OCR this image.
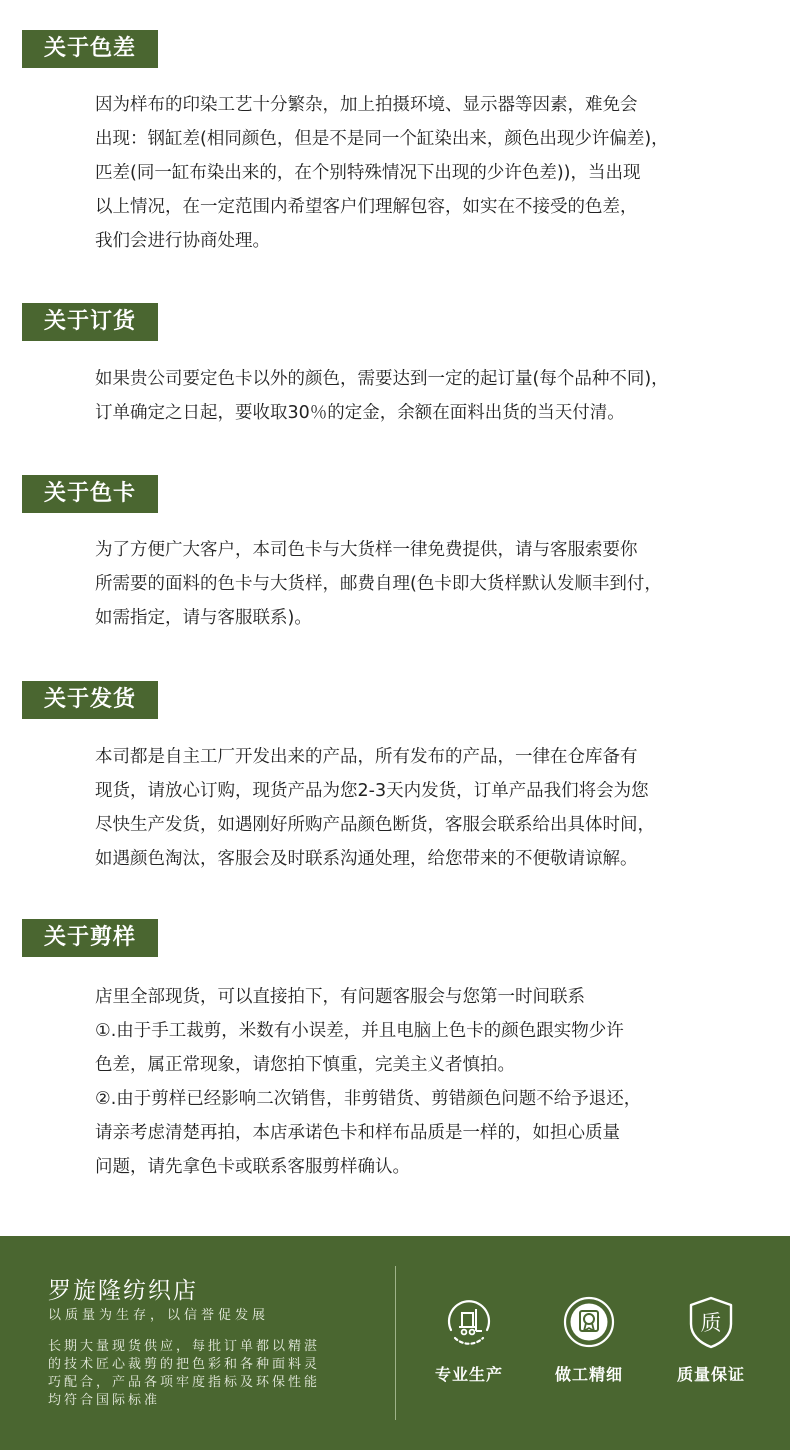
关于色差
因为样布的印染工艺十分繁杂，加上拍摄环境、显示器等因素，难免会
出现：钢缸差(相同颜色，但是不是同一个缸染出来，颜色出现少许偏差)，
匹差(同一缸布染出来的，在个别特殊情况下出现的少许色差))，当出现
以上情况，在一定范围内希望客户们理解包容，如实在不接受的色差，
我们会进行协商处理。
关于订货
如果贵公司要定色卡以外的颜色，需要达到一定的起订量(每个品种不同)，
订单确定之日起，要收取30％的定金，余额在面料出货的当天付清。
关于色卡
为了方便广大客户，本司色卡与大货样一律免费提供，请与客服索要你
所需要的面料的色卡与大货样，邮费自理(色卡即大货样默认发顺丰到付，
如需指定，请与客服联系)。
关于发货
本司都是自主工厂开发出来的产品，所有发布的产品，一律在仓库备有
现货，请放心订购，现货产品为您2-3天内发货，订单产品我们将会为您
尽快生产发货，如遇刚好所购产品颜色断货，客服会联系给出具体时间，
如遇颜色淘汰，客服会及时联系沟通处理，给您带来的不便敬请谅解。
关于剪样
店里全部现货，可以直接拍下，有问题客服会与您第一时间联系
①.由于手工裁剪，米数有小误差，并且电脑上色卡的颜色跟实物少许
色差，属正常现象，请您拍下慎重，完美主义者慎拍。
②.由于剪样已经影响二次销售，非剪错货、剪错颜色问题不给予退还，
请亲考虑清楚再拍，本店承诺色卡和样布品质是一样的，如担心质量
问题，请先拿色卡或联系客服剪样确认。
罗旋隆纺织店
以质量为生存，以信誉促发展
长期大量现货供应，每批订单都以精湛
的技术匠心裁剪的把色彩和各种面料灵
巧配合，产品各项牢度指标及环保性能
均符合国际标准
专业生产	做工精细
质
质量保证
